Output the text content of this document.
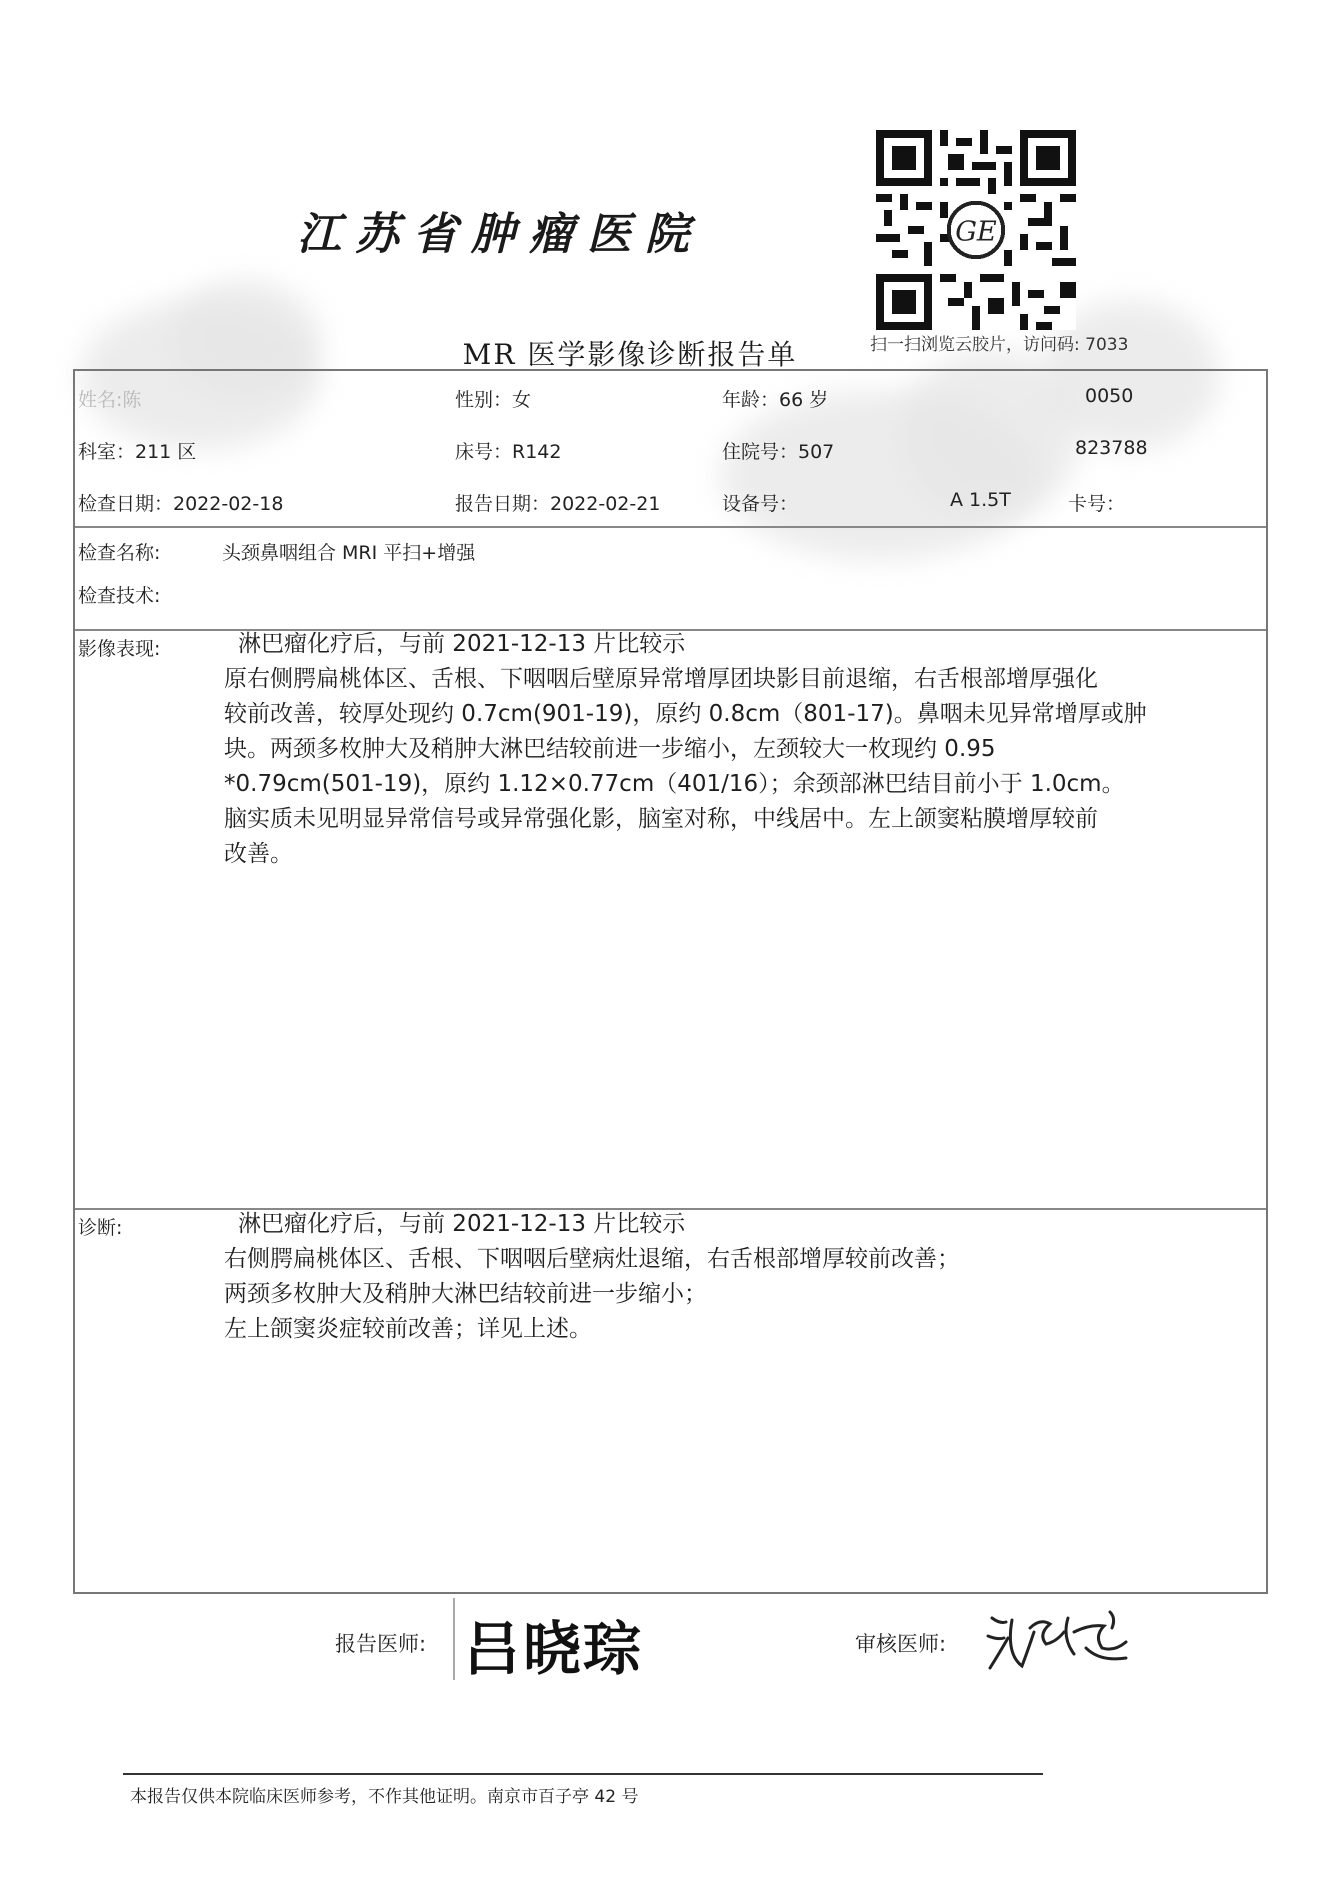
江苏省肿瘤医院	GE
扫一扫浏览云胶片，访问码: 7033
MR 医学影像诊断报告单
姓名:陈	性别：女	年龄：66 岁	0050
科室：211 区	床号：R142	住院号：507	823788
检查日期：2022-02-18	报告日期：2022-02-21	设备号：	A 1.5T	卡号：
检查名称:	头颈鼻咽组合 MRI 平扫+增强
检查技术:
影像表现:	淋巴瘤化疗后，与前 2021-12-13 片比较示

原右侧腭扁桃体区、舌根、下咽咽后壁原异常增厚团块影目前退缩，右舌根部增厚强化

较前改善，较厚处现约 0.7cm(901-19)，原约 0.8cm（801-17)。鼻咽未见异常增厚或肿

块。两颈多枚肿大及稍肿大淋巴结较前进一步缩小，左颈较大一枚现约 0.95

*0.79cm(501-19)，原约 1.12×0.77cm（401/16）；余颈部淋巴结目前小于 1.0cm。

脑实质未见明显异常信号或异常强化影，脑室对称，中线居中。左上颌窦粘膜增厚较前

改善。

诊断:	淋巴瘤化疗后，与前 2021-12-13 片比较示

右侧腭扁桃体区、舌根、下咽咽后壁病灶退缩，右舌根部增厚较前改善；

两颈多枚肿大及稍肿大淋巴结较前进一步缩小；

左上颌窦炎症较前改善；详见上述。

报告医师: 吕晓琮	审核医师:
本报告仅供本院临床医师参考，不作其他证明。南京市百子亭 42 号
